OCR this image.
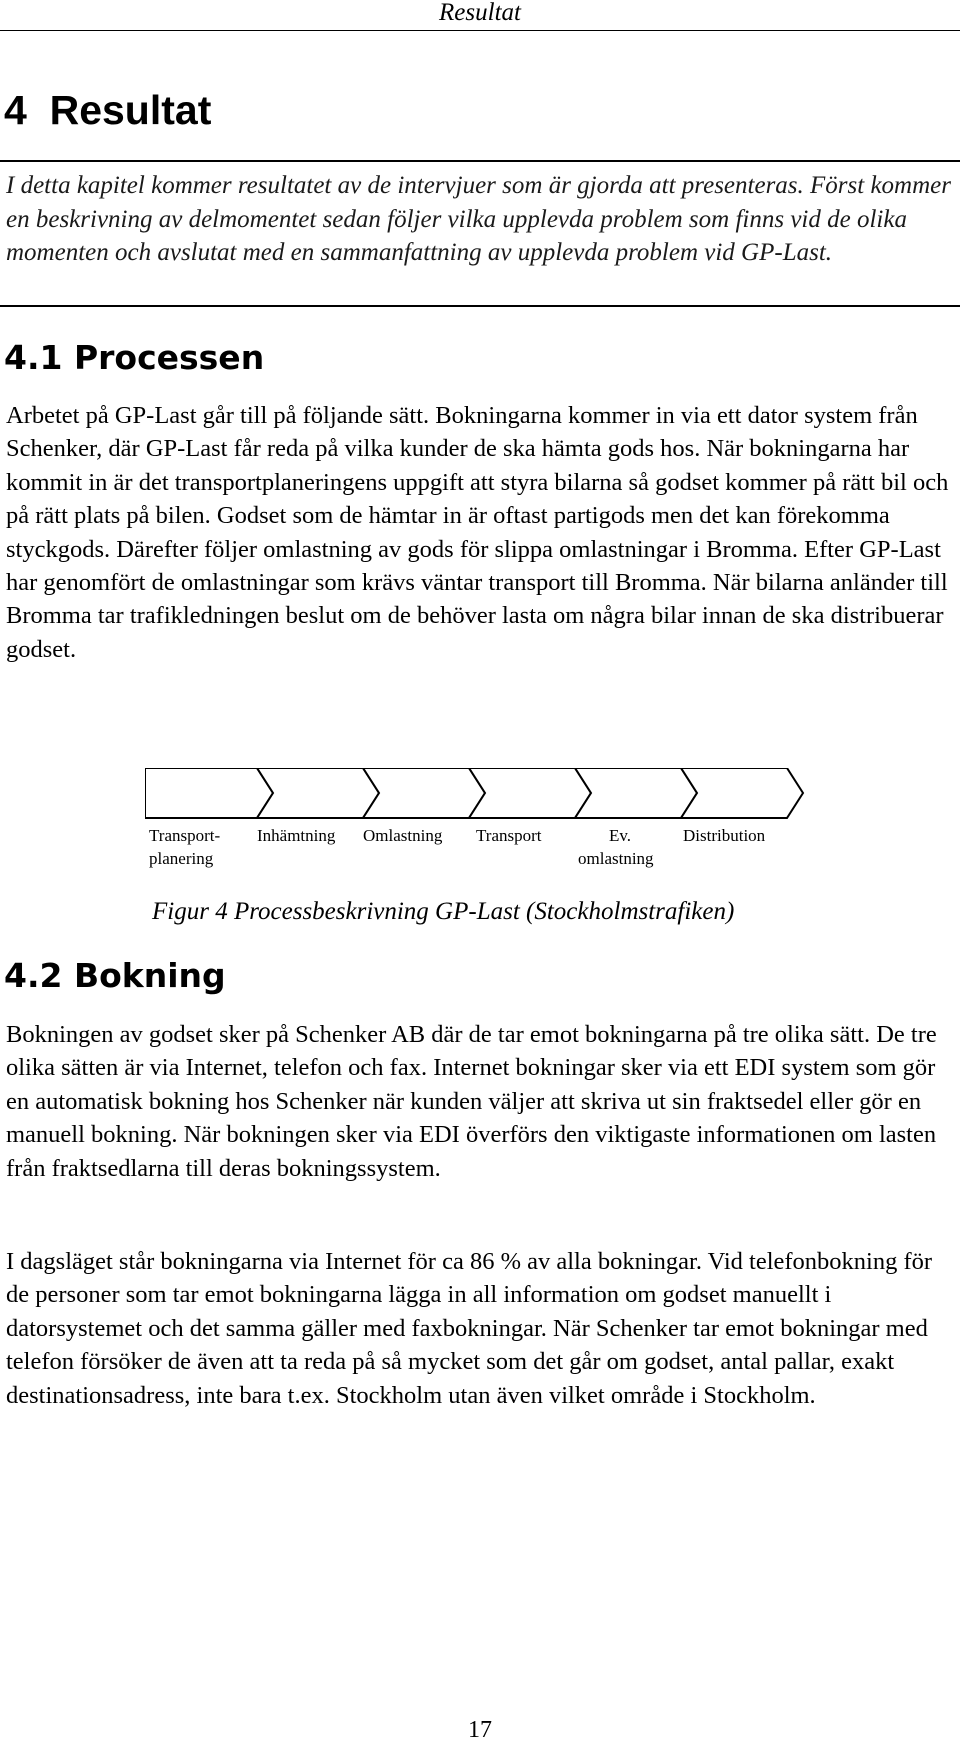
Resultat
4  Resultat

I detta kapitel kommer resultatet av de intervjuer som är gjorda att presenteras. Först kommer en beskrivning av delmomentet sedan följer vilka upplevda problem som finns vid de olika momenten och avslutat med en sammanfattning av upplevda problem vid GP-Last.

4.1 Processen

Arbetet på GP-Last går till på följande sätt. Bokningarna kommer in via ett dator system från Schenker, där GP-Last får reda på vilka kunder de ska hämta gods hos. När bokningarna har kommit in är det transportplaneringens uppgift att styra bilarna så godset kommer på rätt bil och på rätt plats på bilen. Godset som de hämtar in är oftast partigods men det kan förekomma styckgods. Därefter följer omlastning av gods för slippa omlastningar i Bromma. Efter GP-Last har genomfört de omlastningar som krävs väntar transport till Bromma. När bilarna anländer till Bromma tar trafikledningen beslut om de behöver lasta om några bilar innan de ska distribuerar godset.

Transport-
planering
Inhämtning Omlastning Transport	Ev.
omlastning
Distribution

Figur 4 Processbeskrivning GP-Last (Stockholmstrafiken)

4.2 Bokning

Bokningen av godset sker på Schenker AB där de tar emot bokningarna på tre olika sätt. De tre olika sätten är via Internet, telefon och fax. Internet bokningar sker via ett EDI system som gör en automatisk bokning hos Schenker när kunden väljer att skriva ut sin fraktsedel eller gör en manuell bokning. När bokningen sker via EDI överförs den viktigaste informationen om lasten från fraktsedlarna till deras bokningssystem.

I dagsläget står bokningarna via Internet för ca 86 % av alla bokningar. Vid telefonbokning för de personer som tar emot bokningarna lägga in all information om godset manuellt i datorsystemet och det samma gäller med faxbokningar. När Schenker tar emot bokningar med telefon försöker de även att ta reda på så mycket som det går om godset, antal pallar, exakt destinationsadress, inte bara t.ex. Stockholm utan även vilket område i Stockholm.

17
